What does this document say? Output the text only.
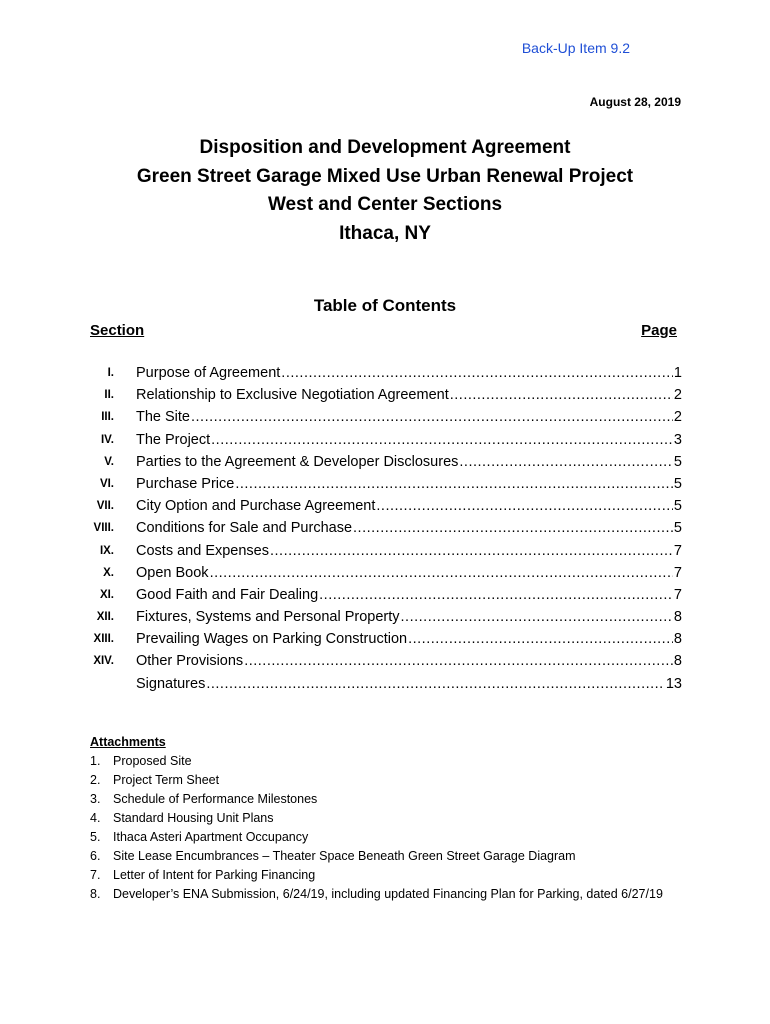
Back-Up Item 9.2
August 28, 2019
Disposition and Development Agreement
Green Street Garage Mixed Use Urban Renewal Project
West and Center Sections
Ithaca, NY
Table of Contents
Section	Page
I. Purpose of Agreement .....	1
II. Relationship to Exclusive Negotiation Agreement .....	2
III. The Site .....	2
IV. The Project .....	3
V. Parties to the Agreement & Developer Disclosures .....	5
VI. Purchase Price .....	5
VII. City Option and Purchase Agreement .....	5
VIII. Conditions for Sale and Purchase .....	5
IX. Costs and Expenses .....	7
X. Open Book .....	7
XI. Good Faith and Fair Dealing .....	7
XII. Fixtures, Systems and Personal Property .....	8
XIII. Prevailing Wages on Parking Construction .....	8
XIV. Other Provisions .....	8
Signatures .....	13
Attachments
1. Proposed Site
2. Project Term Sheet
3. Schedule of Performance Milestones
4. Standard Housing Unit Plans
5. Ithaca Asteri Apartment Occupancy
6. Site Lease Encumbrances – Theater Space Beneath Green Street Garage Diagram
7. Letter of Intent for Parking Financing
8. Developer’s ENA Submission, 6/24/19, including updated Financing Plan for Parking, dated 6/27/19
